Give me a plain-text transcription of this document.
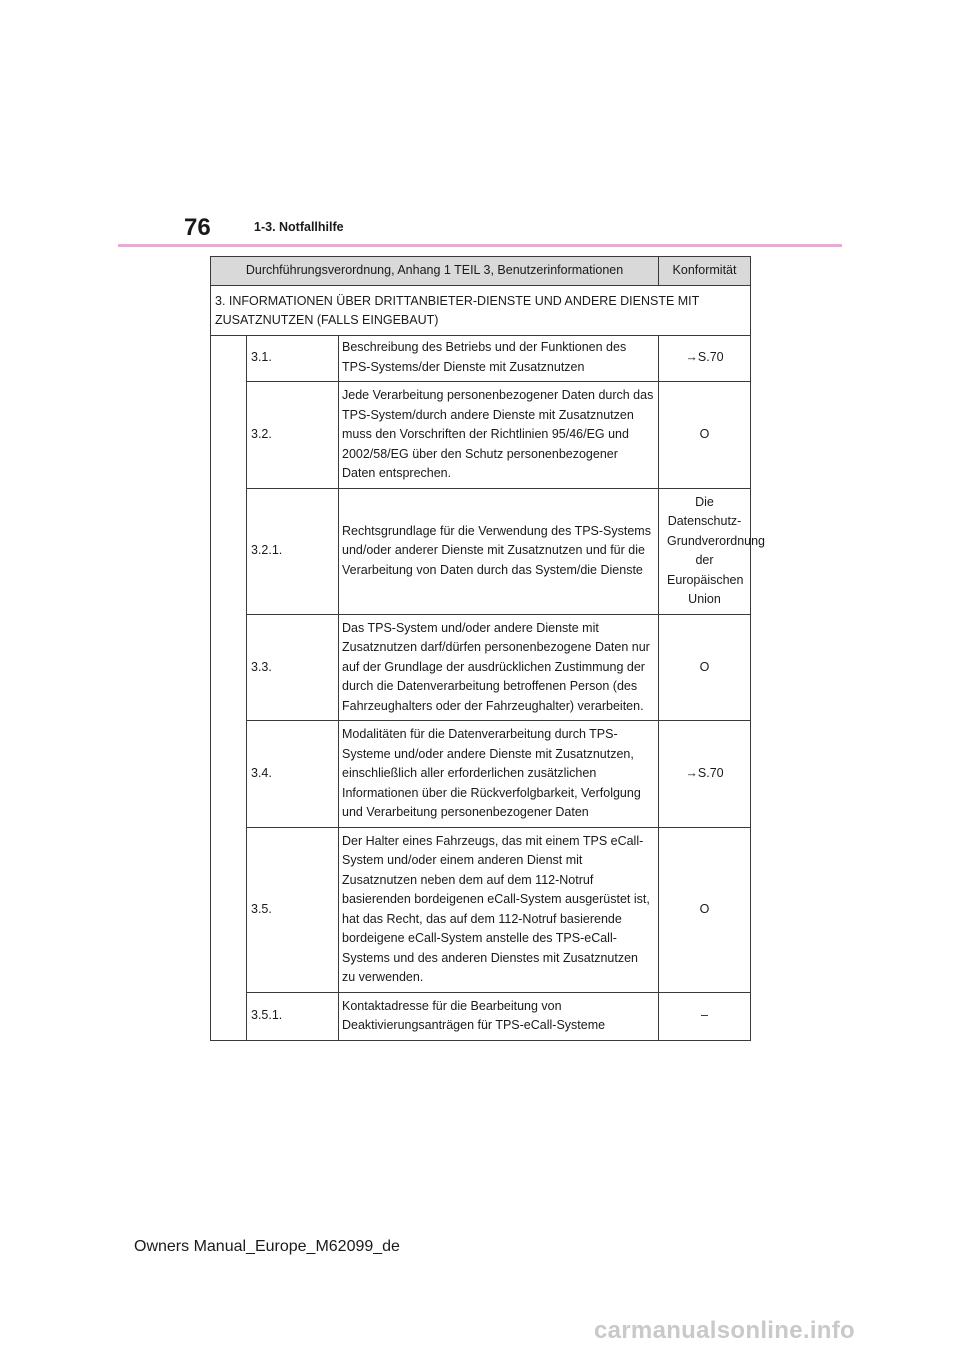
76	1-3. Notfallhilfe
Durchführungsverordnung, Anhang 1 TEIL 3, Benutzerinformationen			Konformität
3. INFORMATIONEN ÜBER DRITTANBIETER-DIENSTE UND ANDERE DIENSTE MIT ZUSATZNUTZEN (FALLS EINGEBAUT)			
	3.1.	Beschreibung des Betriebs und der Funktionen des TPS-Systems/der Dienste mit Zusatznutzen	→S.70
	3.2.	Jede Verarbeitung personenbezogener Daten durch das TPS-System/durch andere Dienste mit Zusatznutzen muss den Vorschriften der Richtlinien 95/46/EG und 2002/58/EG über den Schutz personenbezogener Daten entsprechen.	O
	3.2.1.	Rechtsgrundlage für die Verwendung des TPS-Systems und/oder anderer Dienste mit Zusatznutzen und für die Verarbeitung von Daten durch das System/die Dienste	Die Datenschutz-Grundverordnung der Europäischen Union
	3.3.	Das TPS-System und/oder andere Dienste mit Zusatznutzen darf/dürfen personenbezogene Daten nur auf der Grundlage der ausdrücklichen Zustimmung der durch die Datenverarbeitung betroffenen Person (des Fahrzeughalters oder der Fahrzeughalter) verarbeiten.	O
	3.4.	Modalitäten für die Datenverarbeitung durch TPS-Systeme und/oder andere Dienste mit Zusatznutzen, einschließlich aller erforderlichen zusätzlichen Informationen über die Rückverfolgbarkeit, Verfolgung und Verarbeitung personenbezogener Daten	→S.70
	3.5.	Der Halter eines Fahrzeugs, das mit einem TPS eCall-System und/oder einem anderen Dienst mit Zusatznutzen neben dem auf dem 112-Notruf basierenden bordeigenen eCall-System ausgerüstet ist, hat das Recht, das auf dem 112-Notruf basierende bordeigene eCall-System anstelle des TPS-eCall-Systems und des anderen Dienstes mit Zusatznutzen zu verwenden.	O
	3.5.1.	Kontaktadresse für die Bearbeitung von Deaktivierungsanträgen für TPS-eCall-Systeme	–
Owners Manual_Europe_M62099_de
carmanualsonline.info
